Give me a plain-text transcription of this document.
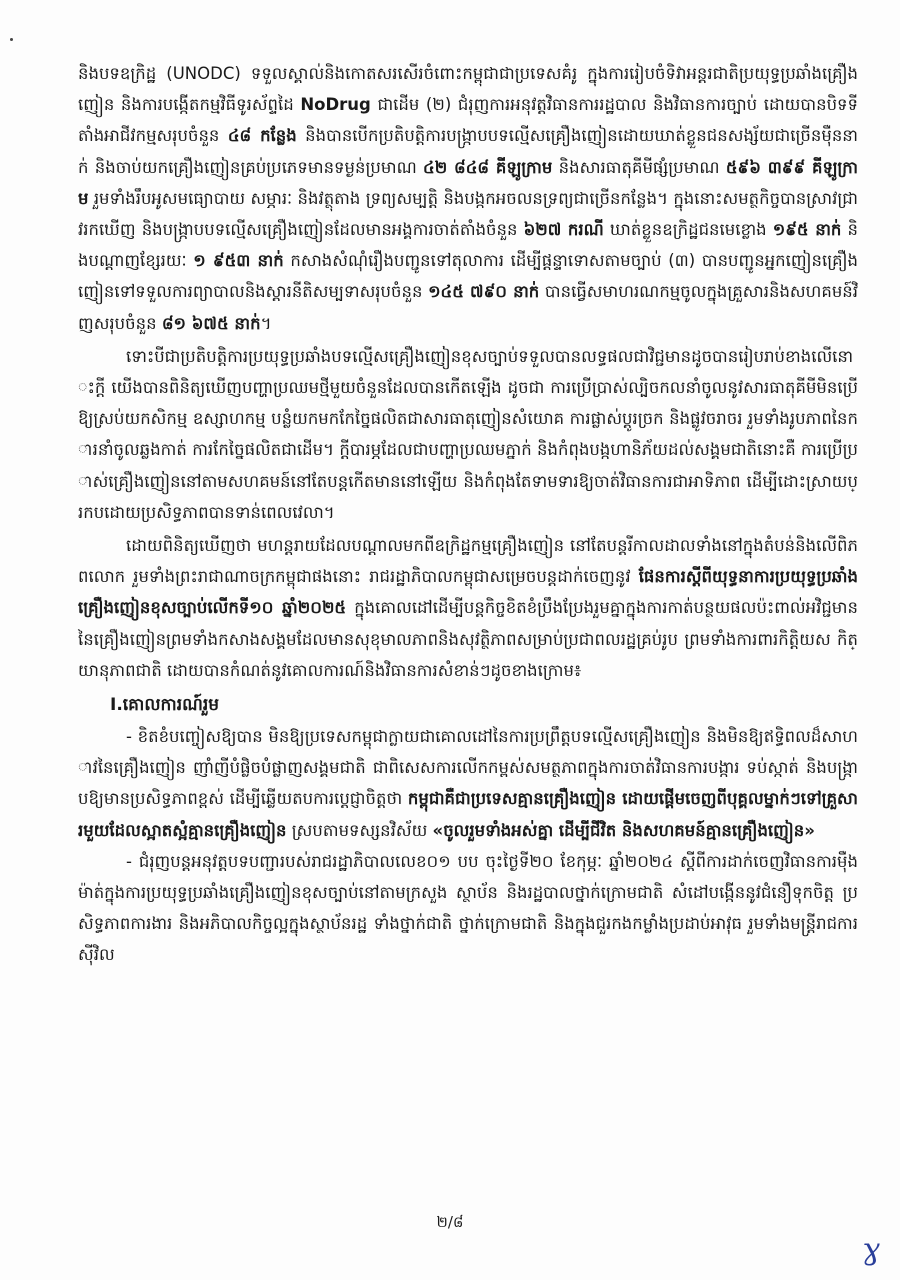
និងបទឧក្រិដ្ឋ (UNODC) ទទួលស្គាល់និងកោតសរសើរចំពោះកម្ពុជាជាប្រទេសគំរូ ក្នុងការរៀបចំទិវាអន្តរជាតិប្រយុទ្ធប្រឆាំងគ្រឿងញៀន និងការបង្កើតកម្មវិធីទូរស័ព្ទដៃ NoDrug ជាដើម (២) ជំរុញការអនុវត្តវិធានការរដ្ឋបាល និងវិធានការច្បាប់ ដោយបានបិទទីតាំងអាជីវកម្មសរុបចំនួន ៤៨ កន្លែង និងបានបើកប្រតិបត្តិការបង្ក្រាបបទល្មើសគ្រឿងញៀនដោយឃាត់ខ្លួនជនសង្ស័យជាច្រើនម៉ឺននាក់ និងចាប់យកគ្រឿងញៀនគ្រប់ប្រភេទមានទម្ងន់ប្រមាណ ៤២ ៨៤៨ គីឡូក្រាម និងសារធាតុគីមីផ្សំប្រមាណ ៥៩៦ ៣៩៩ គីឡូក្រាម រួមទាំងរឹបអូសមធ្យោបាយ សម្ភារៈ និងវត្ថុតាង ទ្រព្យសម្បត្តិ និងបង្កកអចលនទ្រព្យជាច្រើនកន្លែង។ ក្នុងនោះសមត្ថកិច្ចបានស្រាវជ្រាវរកឃើញ និងបង្ក្រាបបទល្មើសគ្រឿងញៀនដែលមានអង្គការចាត់តាំងចំនួន ៦២៧ ករណី ឃាត់ខ្លួនឧក្រិដ្ឋជនមេខ្លោង ១៩៥ នាក់ និងបណ្ដាញខ្សែរយៈ ១ ៩៥៣ នាក់ កសាងសំណុំរឿងបញ្ជូនទៅតុលាការ ដើម្បីផ្ដន្ទាទោសតាមច្បាប់ (៣) បានបញ្ជូនអ្នកញៀនគ្រឿងញៀនទៅទទួលការព្យាបាលនិងស្តារនីតិសម្បទាសរុបចំនួន ១៤៥ ៧៩០ នាក់ បានធ្វើសមាហរណកម្មចូលក្នុងគ្រួសារនិងសហគមន៍វិញសរុបចំនួន ៨១ ៦៧៥ នាក់។

ទោះបីជាប្រតិបត្តិការប្រយុទ្ធប្រឆាំងបទល្មើសគ្រឿងញៀនខុសច្បាប់ទទួលបានលទ្ធផលជាវិជ្ជមានដូចបានរៀបរាប់ខាងលើនោះក្តី យើងបានពិនិត្យឃើញបញ្ហាប្រឈមថ្មីមួយចំនួនដែលបានកើតឡើង ដូចជា ការប្រើប្រាស់ល្បិចកលនាំចូលនូវសារធាតុគីមីមិនប្រើឱ្យស្រប់យកសិកម្ម ឧស្សាហកម្ម បន្លំយកមកកែច្នៃផលិតជាសារធាតុញៀនសំយោគ ការផ្លាស់ប្ដូរច្រក និងផ្លូវចរាចរ រួមទាំងរូបភាពនៃការនាំចូលឆ្លងកាត់ ការកែច្នៃផលិតជាដើម។ ក្តីបារម្ភដែលជាបញ្ហាប្រឈមភ្នាក់ និងកំពុងបង្កហានិភ័យដល់សង្គមជាតិនោះគឺ ការប្រើប្រាស់គ្រឿងញៀននៅតាមសហគមន៍នៅតែបន្តកើតមាននៅឡើយ និងកំពុងតែទាមទារឱ្យចាត់វិធានការជាអាទិភាព ដើម្បីដោះស្រាយប្រកបដោយប្រសិទ្ធភាពបានទាន់ពេលវេលា។

ដោយពិនិត្យឃើញថា មហន្តរាយដែលបណ្ដាលមកពីឧក្រិដ្ឋកម្មគ្រឿងញៀន នៅតែបន្តរីកាលដាលទាំងនៅក្នុងតំបន់និងលើពិភពលោក រួមទាំងព្រះរាជាណាចក្រកម្ពុជាផងនោះ រាជរដ្ឋាភិបាលកម្ពុជាសម្រេចបន្តដាក់ចេញនូវ ផែនការស្ដីពីយុទ្ធនាការប្រយុទ្ធប្រឆាំងគ្រឿងញៀនខុសច្បាប់លើកទី១០ ឆ្នាំ២០២៥ ក្នុងគោលដៅដើម្បីបន្តកិច្ចខិតខំប្រឹងប្រែងរួមគ្នាក្នុងការកាត់បន្ថយផលប៉ះពាល់អវិជ្ជមាននៃគ្រឿងញៀនព្រមទាំងកសាងសង្គមដែលមានសុខុមាលភាពនិងសុវត្ថិភាពសម្រាប់ប្រជាពលរដ្ឋគ្រប់រូប ព្រមទាំងការពារកិត្តិយស កិត្យានុភាពជាតិ ដោយបានកំណត់នូវគោលការណ៍និងវិធានការសំខាន់ៗដូចខាងក្រោម៖

I.គោលការណ៍រួម

- ខិតខំបញ្ចៀសឱ្យបាន មិនឱ្យប្រទេសកម្ពុជាក្លាយជាគោលដៅនៃការប្រព្រឹត្តបទល្មើសគ្រឿងញៀន និងមិនឱ្យឥទ្ធិពលដ៏សាហាវនៃគ្រឿងញៀន ញាំញីបំផ្លិចបំផ្លាញសង្គមជាតិ ជាពិសេសការលើកកម្ពស់សមត្ថភាពក្នុងការចាត់វិធានការបង្ការ ទប់ស្កាត់ និងបង្ក្រាបឱ្យមានប្រសិទ្ធភាពខ្ពស់ ដើម្បីឆ្លើយតបការប្ដេជ្ញាចិត្តថា កម្ពុជាគឺជាប្រទេសគ្មានគ្រឿងញៀន ដោយផ្ដើមចេញពីបុគ្គលម្នាក់ៗទៅគ្រួសារមួយដែលស្អាតស្អំគ្មានគ្រឿងញៀន ស្របតាមទស្សនវិស័យ «ចូលរួមទាំងអស់គ្នា ដើម្បីជីវិត និងសហគមន៍គ្មានគ្រឿងញៀន»

- ជំរុញបន្តអនុវត្តបទបញ្ជារបស់រាជរដ្ឋាភិបាលលេខ០១ បប ចុះថ្ងៃទី២០ ខែកុម្ភៈ ឆ្នាំ២០២៤ ស្ដីពីការដាក់ចេញវិធានការម៉ឺងម៉ាត់ក្នុងការប្រយុទ្ធប្រឆាំងគ្រឿងញៀនខុសច្បាប់នៅតាមក្រសួង ស្ថាប័ន និងរដ្ឋបាលថ្នាក់ក្រោមជាតិ សំដៅបង្កើននូវជំនឿទុកចិត្ត ប្រសិទ្ធភាពការងារ និងអភិបាលកិច្ចល្អក្នុងស្ថាប័នរដ្ឋ ទាំងថ្នាក់ជាតិ ថ្នាក់ក្រោមជាតិ និងក្នុងជួរកងកម្លាំងប្រដាប់អាវុធ រួមទាំងមន្ត្រីរាជការស៊ីវិល

២/៨
ɣ
